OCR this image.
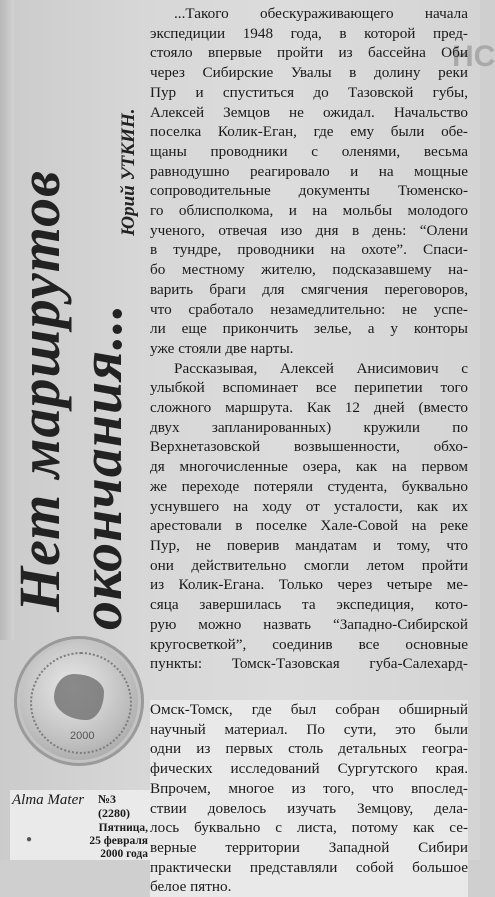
Нет маршрутов
окончания...
Юрий УТКИН.
НС
...Такого обескураживающего начала
экспедиции 1948 года, в которой пред-
стояло впервые пройти из бассейна Оби
через Сибирские Увалы в долину реки
Пур и спуститься до Тазовской губы,
Алексей Земцов не ожидал. Начальство
поселка Колик-Еган, где ему были обе-
щаны проводники с оленями, весьма
равнодушно реагировало и на мощные
сопроводительные документы Тюменско-
го облисполкома, и на мольбы молодого
ученого, отвечая изо дня в день: “Олени
в тундре, проводники на охоте”. Спаси-
бо местному жителю, подсказавшему на-
варить браги для смягчения переговоров,
что сработало незамедлительно: не успе-
ли еще прикончить зелье, а у конторы
уже стояли две нарты.
Рассказывая, Алексей Анисимович с
улыбкой вспоминает все перипетии того
сложного маршрута. Как 12 дней (вместо
двух запланированных) кружили по
Верхнетазовской возвышенности, обхо-
дя многочисленные озера, как на первом
же переходе потеряли студента, буквально
уснувшего на ходу от усталости, как их
арестовали в поселке Хале-Совой на реке
Пур, не поверив мандатам и тому, что
они действительно смогли летом пройти
из Колик-Егана. Только через четыре ме-
сяца завершилась та экспедиция, кото-
рую можно назвать “Западно-Сибирской
кругосветкой”, соединив все основные
пункты: Томск-Тазовская губа-Салехард-
Омск-Томск, где был собран обширный
научный материал. По сути, это были
одни из первых столь детальных геогра-
фических исследований Сургутского края.
Впрочем, многое из того, что впослед-
ствии довелось изучать Земцову, делa-
лось буквально с листа, потому как се-
верные территории Западной Сибири
практически представляли собой большое
белое пятно.
2000
Alma Mater №3
(2280)
Пятница,
25 февраля
2000 года
●
